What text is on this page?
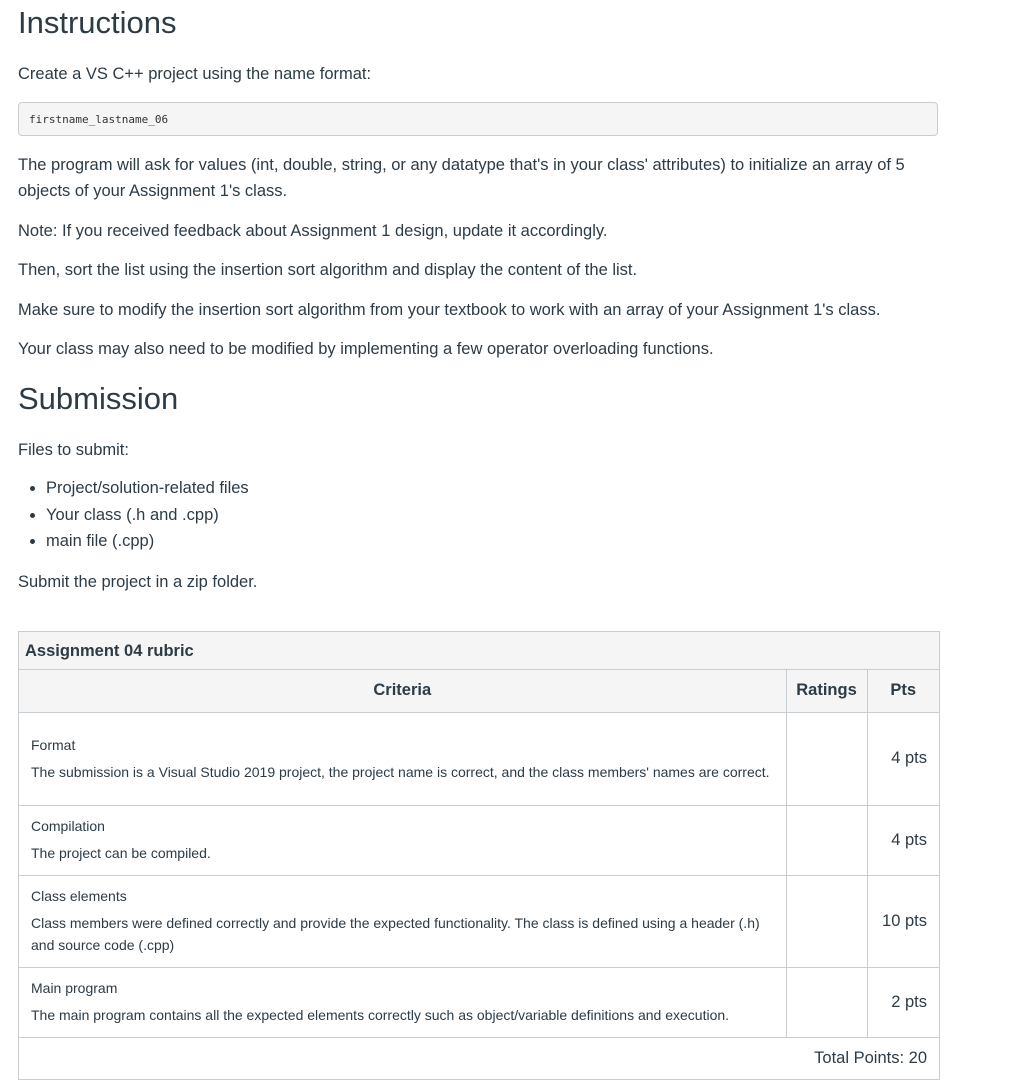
Instructions

Create a VS C++ project using the name format:

firstname_lastname_06

The program will ask for values (int, double, string, or any datatype that's in your class' attributes) to initialize an array of 5 objects of your Assignment 1's class.

Note: If you received feedback about Assignment 1 design, update it accordingly.

Then, sort the list using the insertion sort algorithm and display the content of the list.

Make sure to modify the insertion sort algorithm from your textbook to work with an array of your Assignment 1's class.

Your class may also need to be modified by implementing a few operator overloading functions.

Submission

Files to submit:

• Project/solution-related files
• Your class (.h and .cpp)
• main file (.cpp)

Submit the project in a zip folder.

Assignment 04 rubric
Criteria	Ratings	Pts

Format
The submission is a Visual Studio 2019 project, the project name is correct, and the class members' names are correct.		4 pts

Compilation
The project can be compiled.		4 pts

Class elements
Class members were defined correctly and provide the expected functionality. The class is defined using a header (.h) and source code (.cpp)		10 pts

Main program
The main program contains all the expected elements correctly such as object/variable definitions and execution.		2 pts
Total Points: 20		
